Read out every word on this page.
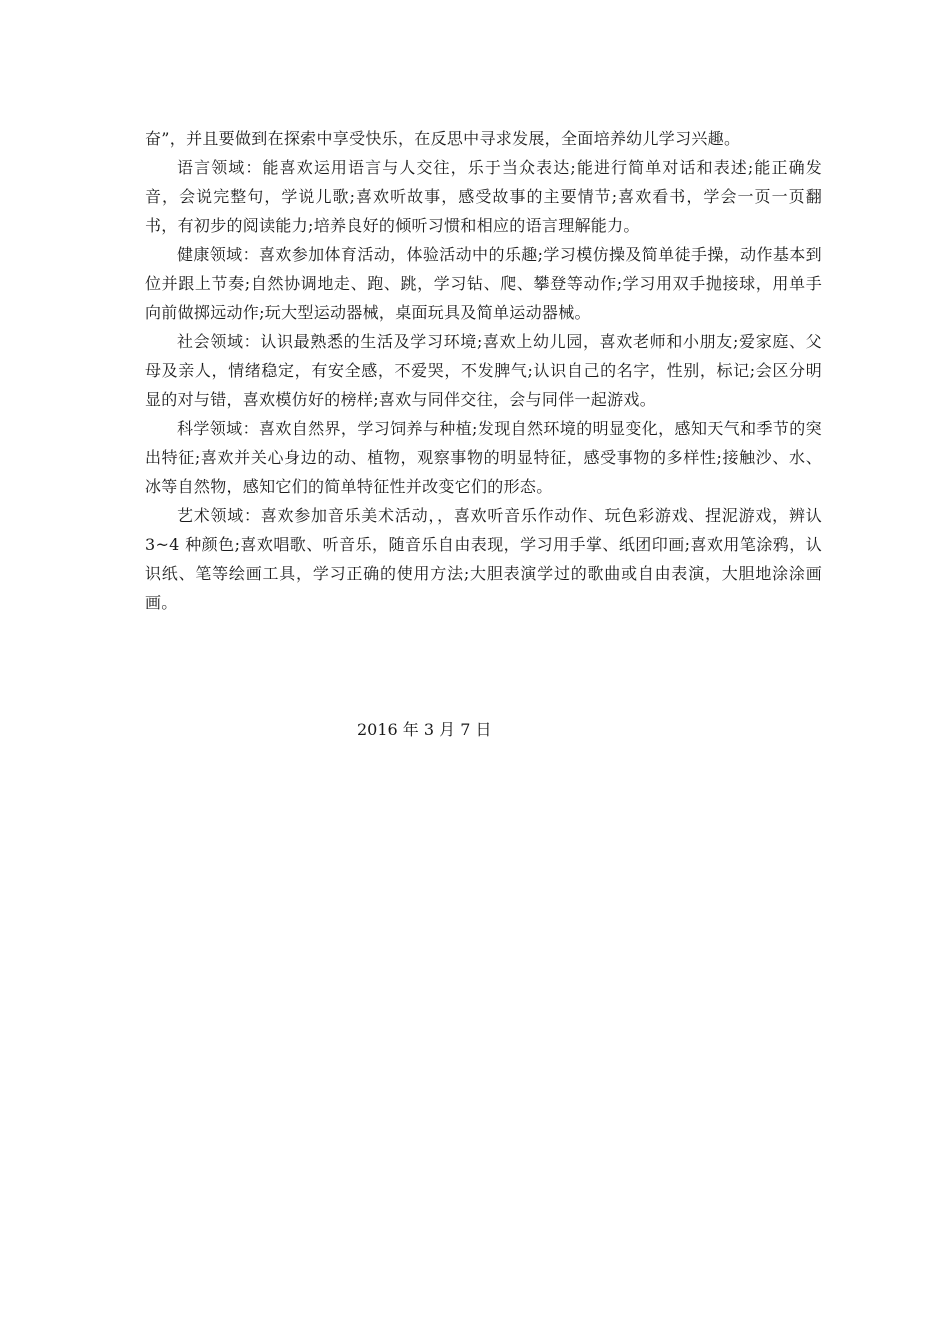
奋”，并且要做到在探索中享受快乐，在反思中寻求发展，全面培养幼儿学习兴趣。

语言领域：能喜欢运用语言与人交往，乐于当众表达;能进行简单对话和表述;能正确发音，会说完整句，学说儿歌;喜欢听故事，感受故事的主要情节;喜欢看书，学会一页一页翻书，有初步的阅读能力;培养良好的倾听习惯和相应的语言理解能力。

健康领域：喜欢参加体育活动，体验活动中的乐趣;学习模仿操及简单徒手操，动作基本到位并跟上节奏;自然协调地走、跑、跳，学习钻、爬、攀登等动作;学习用双手抛接球，用单手向前做掷远动作;玩大型运动器械，桌面玩具及简单运动器械。

社会领域：认识最熟悉的生活及学习环境;喜欢上幼儿园，喜欢老师和小朋友;爱家庭、父母及亲人，情绪稳定，有安全感，不爱哭，不发脾气;认识自己的名字，性别，标记;会区分明显的对与错，喜欢模仿好的榜样;喜欢与同伴交往，会与同伴一起游戏。

科学领域：喜欢自然界，学习饲养与种植;发现自然环境的明显变化，感知天气和季节的突出特征;喜欢并关心身边的动、植物，观察事物的明显特征，感受事物的多样性;接触沙、水、冰等自然物，感知它们的简单特征性并改变它们的形态。

艺术领域：喜欢参加音乐美术活动，，喜欢听音乐作动作、玩色彩游戏、捏泥游戏，辨认 3~4 种颜色;喜欢唱歌、听音乐，随音乐自由表现，学习用手掌、纸团印画;喜欢用笔涂鸦，认识纸、笔等绘画工具，学习正确的使用方法;大胆表演学过的歌曲或自由表演，大胆地涂涂画画。

2016 年 3 月 7 日
